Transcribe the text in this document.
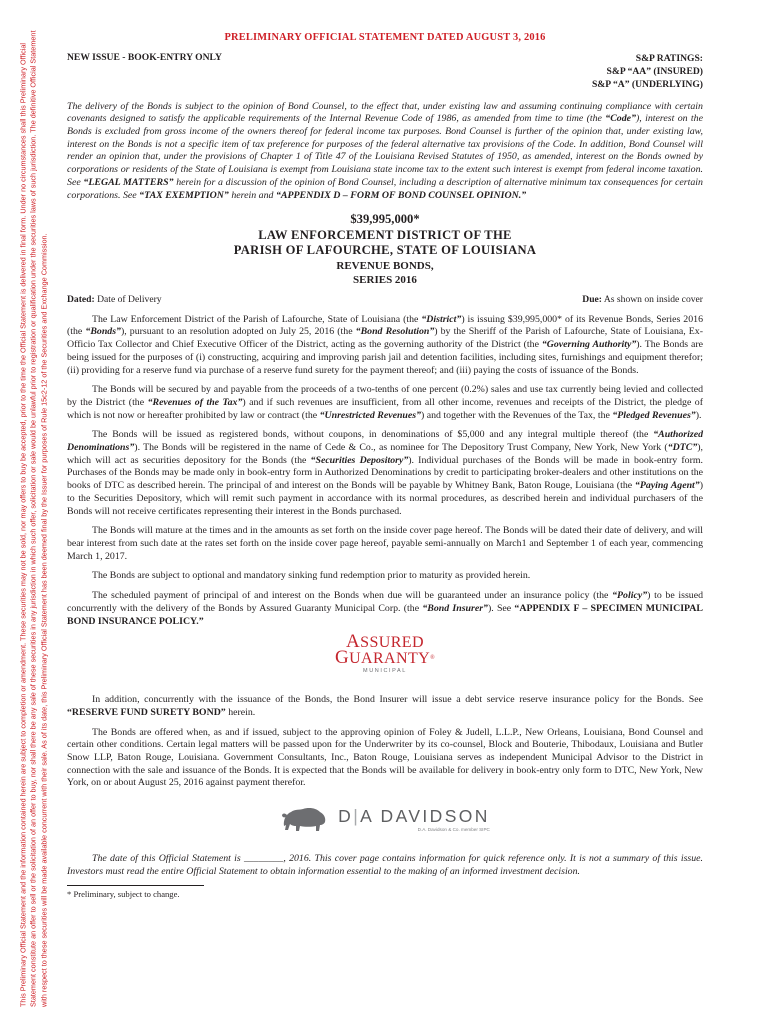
This Preliminary Official Statement and the information contained herein are subject to completion or amendment. These securities may not be sold, nor may offers to buy be accepted, prior to the time the Official Statement is delivered in final form. Under no circumstances shall this Preliminary Official Statement constitute an offer to sell or the solicitation of an offer to buy, nor shall there be any sale of these securities in any jurisdiction in which such offer, solicitation or sale would be unlawful prior to registration or qualification under the securities laws of such jurisdiction. The definitive Official Statement with respect to these securities will be made available concurrent with their sale. As of its date, this Preliminary Official Statement has been deemed final by the Issuer for purposes of Rule 15c2-12 of the Securities and Exchange Commission.
PRELIMINARY OFFICIAL STATEMENT DATED AUGUST 3, 2016
NEW ISSUE - BOOK-ENTRY ONLY	S&P RATINGS:
S&P “AA” (INSURED)
S&P “A” (UNDERLYING)
The delivery of the Bonds is subject to the opinion of Bond Counsel, to the effect that, under existing law and assuming continuing compliance with certain covenants designed to satisfy the applicable requirements of the Internal Revenue Code of 1986, as amended from time to time (the “Code”), interest on the Bonds is excluded from gross income of the owners thereof for federal income tax purposes. Bond Counsel is further of the opinion that, under existing law, interest on the Bonds is not a specific item of tax preference for purposes of the federal alternative tax provisions of the Code. In addition, Bond Counsel will render an opinion that, under the provisions of Chapter 1 of Title 47 of the Louisiana Revised Statutes of 1950, as amended, interest on the Bonds owned by corporations or residents of the State of Louisiana is exempt from Louisiana state income tax to the extent such interest is exempt from federal income taxation. See “LEGAL MATTERS” herein for a discussion of the opinion of Bond Counsel, including a description of alternative minimum tax consequences for certain corporations. See “TAX EXEMPTION” herein and “APPENDIX D – FORM OF BOND COUNSEL OPINION.”
$39,995,000*
LAW ENFORCEMENT DISTRICT OF THE
PARISH OF LAFOURCHE, STATE OF LOUISIANA
REVENUE BONDS,
SERIES 2016
Dated: Date of Delivery	Due: As shown on inside cover

The Law Enforcement District of the Parish of Lafourche, State of Louisiana (the “District”) is issuing $39,995,000* of its Revenue Bonds, Series 2016 (the “Bonds”), pursuant to an resolution adopted on July 25, 2016 (the “Bond Resolution”) by the Sheriff of the Parish of Lafourche, State of Louisiana, Ex-Officio Tax Collector and Chief Executive Officer of the District, acting as the governing authority of the District (the “Governing Authority”). The Bonds are being issued for the purposes of (i) constructing, acquiring and improving parish jail and detention facilities, including sites, furnishings and equipment therefor; (ii) providing for a reserve fund via purchase of a reserve fund surety for the payment thereof; and (iii) paying the costs of issuance of the Bonds.

The Bonds will be secured by and payable from the proceeds of a two-tenths of one percent (0.2%) sales and use tax currently being levied and collected by the District (the “Revenues of the Tax”) and if such revenues are insufficient, from all other income, revenues and receipts of the District, the pledge of which is not now or hereafter prohibited by law or contract (the “Unrestricted Revenues”) and together with the Revenues of the Tax, the “Pledged Revenues”).

The Bonds will be issued as registered bonds, without coupons, in denominations of $5,000 and any integral multiple thereof (the “Authorized Denominations”). The Bonds will be registered in the name of Cede & Co., as nominee for The Depository Trust Company, New York, New York (“DTC”), which will act as securities depository for the Bonds (the “Securities Depository”). Individual purchases of the Bonds will be made in book-entry form. Purchases of the Bonds may be made only in book-entry form in Authorized Denominations by credit to participating broker-dealers and other institutions on the books of DTC as described herein. The principal of and interest on the Bonds will be payable by Whitney Bank, Baton Rouge, Louisiana (the “Paying Agent”) to the Securities Depository, which will remit such payment in accordance with its normal procedures, as described herein and individual purchasers of the Bonds will not receive certificates representing their interest in the Bonds purchased.

The Bonds will mature at the times and in the amounts as set forth on the inside cover page hereof. The Bonds will be dated their date of delivery, and will bear interest from such date at the rates set forth on the inside cover page hereof, payable semi-annually on March1 and September 1 of each year, commencing March 1, 2017.

The Bonds are subject to optional and mandatory sinking fund redemption prior to maturity as provided herein.

The scheduled payment of principal of and interest on the Bonds when due will be guaranteed under an insurance policy (the “Policy”) to be issued concurrently with the delivery of the Bonds by Assured Guaranty Municipal Corp. (the “Bond Insurer”). See “APPENDIX F – SPECIMEN MUNICIPAL BOND INSURANCE POLICY.”

ASSURED
GUARANTY®
MUNICIPAL

In addition, concurrently with the issuance of the Bonds, the Bond Insurer will issue a debt service reserve insurance policy for the Bonds. See “RESERVE FUND SURETY BOND” herein.

The Bonds are offered when, as and if issued, subject to the approving opinion of Foley & Judell, L.L.P., New Orleans, Louisiana, Bond Counsel and certain other conditions. Certain legal matters will be passed upon for the Underwriter by its co-counsel, Block and Bouterie, Thibodaux, Louisiana and Butler Snow LLP, Baton Rouge, Louisiana. Government Consultants, Inc., Baton Rouge, Louisiana serves as independent Municipal Advisor to the District in connection with the sale and issuance of the Bonds. It is expected that the Bonds will be available for delivery in book-entry only form to DTC, New York, New York, on or about August 25, 2016 against payment therefor.

D|A DAVIDSON
D.A. Davidson & Co. member SIPC
The date of this Official Statement is ________, 2016. This cover page contains information for quick reference only. It is not a summary of this issue. Investors must read the entire Official Statement to obtain information essential to the making of an informed investment decision.
* Preliminary, subject to change.
